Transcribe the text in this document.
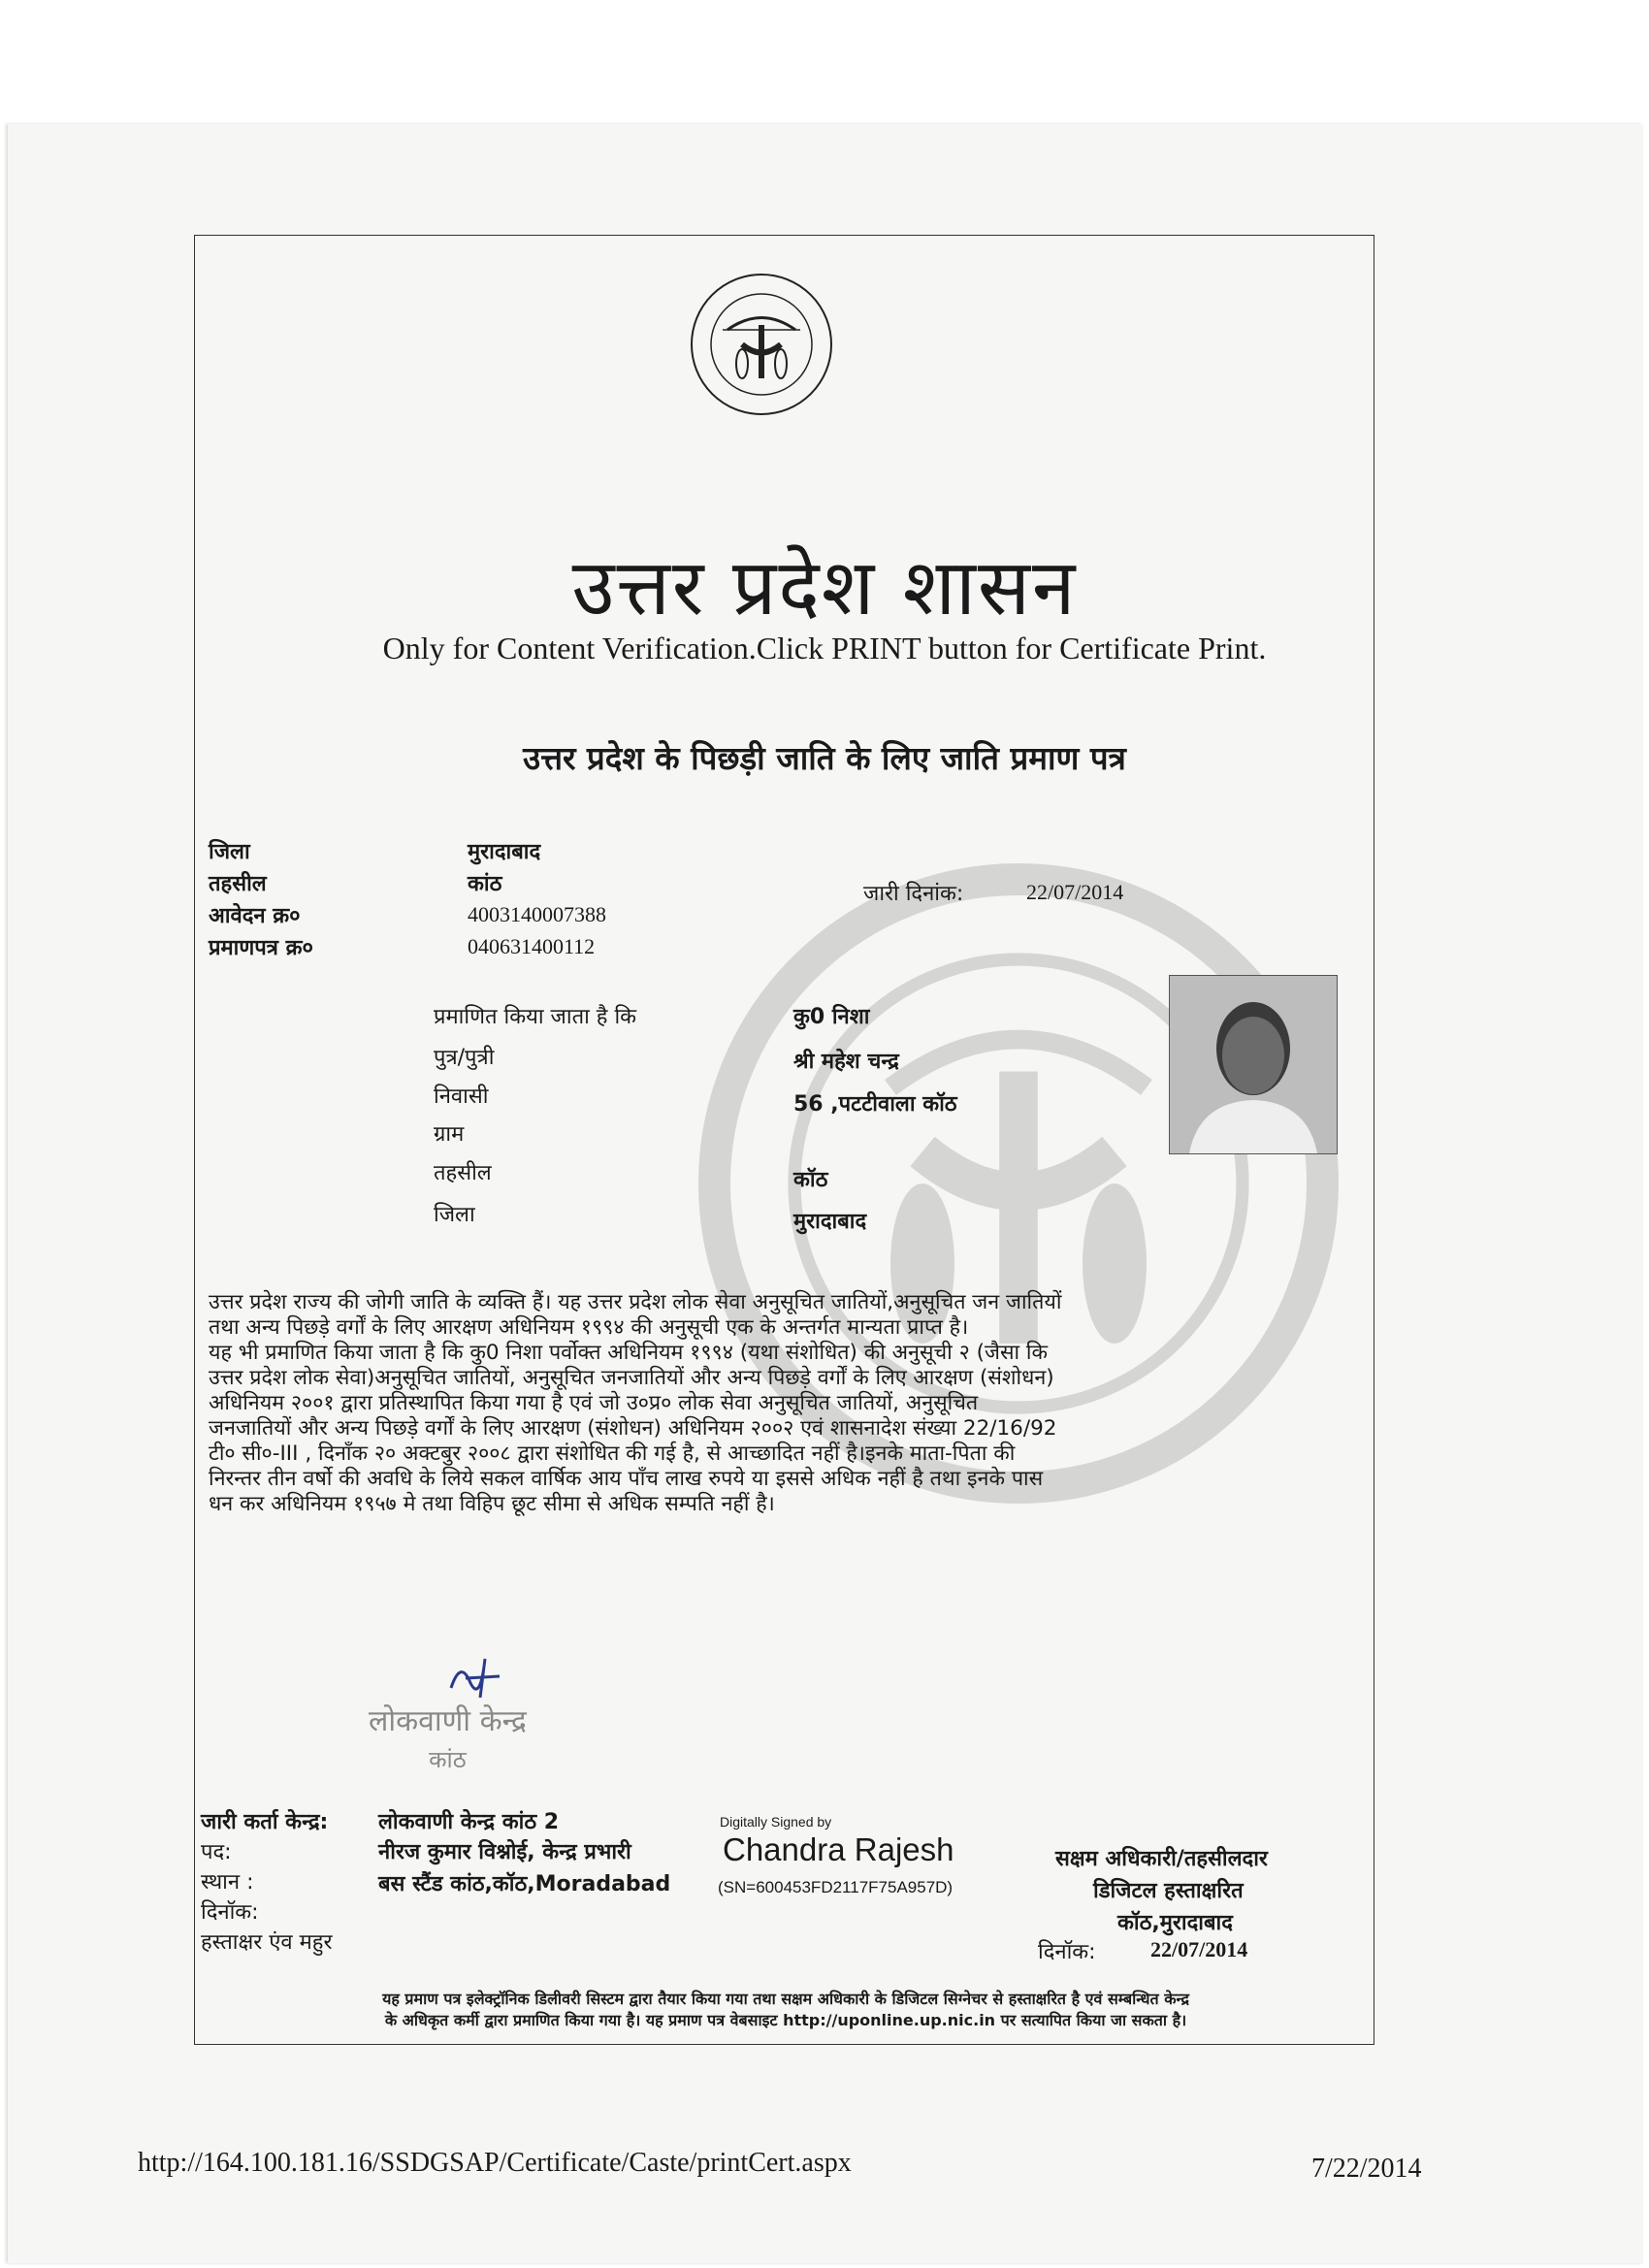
उत्तर प्रदेश शासन
Only for Content Verification.Click PRINT button for Certificate Print.
उत्तर प्रदेश के पिछड़ी जाति के लिए जाति प्रमाण पत्र
जिला	मुरादाबाद
तहसील	कांठ
आवेदन क्र०	4003140007388
प्रमाणपत्र क्र०	040631400112
जारी दिनांक:	22/07/2014
प्रमाणित किया जाता है कि	कु0 निशा
पुत्र/पुत्री	श्री महेश चन्द्र
निवासी	56 ,पटटीवाला कॉठ
ग्राम
तहसील	कॉठ
जिला	मुरादाबाद

उत्तर प्रदेश राज्य की जोगी जाति के व्यक्ति हैं। यह उत्तर प्रदेश लोक सेवा अनुसूचित जातियों,अनुसूचित जन जातियों

तथा अन्य पिछड़े वर्गों के लिए आरक्षण अधिनियम १९९४ की अनुसूची एक के अन्तर्गत मान्यता प्राप्त है।

यह भी प्रमाणित किया जाता है कि कु0 निशा पर्वोक्त अधिनियम १९९४ (यथा संशोधित) की अनुसूची २ (जैसा कि

उत्तर प्रदेश लोक सेवा)अनुसूचित जातियों, अनुसूचित जनजातियों और अन्य पिछड़े वर्गों के लिए आरक्षण (संशोधन)

अधिनियम २००१ द्वारा प्रतिस्थापित किया गया है एवं जो उ०प्र० लोक सेवा अनुसूचित जातियों, अनुसूचित

जनजातियों और अन्य पिछड़े वर्गों के लिए आरक्षण (संशोधन) अधिनियम २००२ एवं शासनादेश संख्या 22/16/92

टी० सी०-III , दिनाँक २० अक्टबुर २००८ द्वारा संशोधित की गई है, से आच्छादित नहीं है।इनके माता-पिता की

निरन्तर तीन वर्षो की अवधि के लिये सकल वार्षिक आय पाँच लाख रुपये या इससे अधिक नहीं है तथा इनके पास

धन कर अधिनियम १९५७ मे तथा विहिप छूट सीमा से अधिक सम्पति नहीं है।

लोकवाणी केन्द्र
कांठ
जारी कर्ता केन्द्र: लोकवाणी केन्द्र कांठ 2
पद:	नीरज कुमार विश्नोई, केन्द्र प्रभारी
स्थान :	बस स्टैंड कांठ,कॉठ,Moradabad
दिनॉक:
हस्ताक्षर एंव महुर
Digitally Signed by
Chandra Rajesh
(SN=600453FD2117F75A957D)
सक्षम अधिकारी/तहसीलदार
डिजिटल हस्ताक्षरित
कॉठ,मुरादाबाद
दिनॉक:	22/07/2014
यह प्रमाण पत्र इलेक्ट्रॉनिक डिलीवरी सिस्टम द्वारा तैयार किया गया तथा सक्षम अधिकारी के डिजिटल सिग्नेचर से हस्ताक्षरित है एवं सम्बन्धित केन्द्र
के अधिकृत कर्मी द्वारा प्रमाणित किया गया है। यह प्रमाण पत्र वेबसाइट http://uponline.up.nic.in पर सत्यापित किया जा सकता है।
http://164.100.181.16/SSDGSAP/Certificate/Caste/printCert.aspx	7/22/2014
